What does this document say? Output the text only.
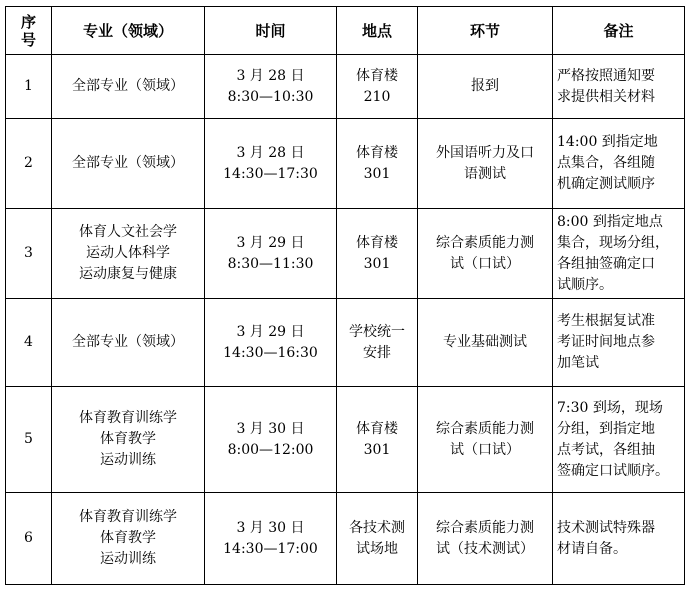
序
号	专业（领域）	时间	地点	环节	备注
1	全部专业（领域）	3 月 28 日
8:30—10:30	体育楼
210	报到	严格按照通知要
求提供相关材料

2	全部专业（领域）	3 月 28 日
14:30—17:30	体育楼
301	外国语听力及口
语测试	14:00 到指定地
点集合，各组随
机确定测试顺序

3	体育人文社会学
运动人体科学
运动康复与健康	3 月 29 日
8:30—11:30	体育楼
301	综合素质能力测
试（口试）	8:00 到指定地点
集合，现场分组，
各组抽签确定口
试顺序。

4	全部专业（领域）	3 月 29 日
14:30—16:30	学校统一
安排	专业基础测试	考生根据复试准
考证时间地点参
加笔试

5	体育教育训练学
体育教学
运动训练	3 月 30 日
8:00—12:00	体育楼
301	综合素质能力测
试（口试）	7:30 到场，现场
分组，到指定地
点考试，各组抽
签确定口试顺序。

6	体育教育训练学
体育教学
运动训练	3 月 30 日
14:30—17:00	各技术测
试场地	综合素质能力测
试（技术测试）	技术测试特殊器
材请自备。
